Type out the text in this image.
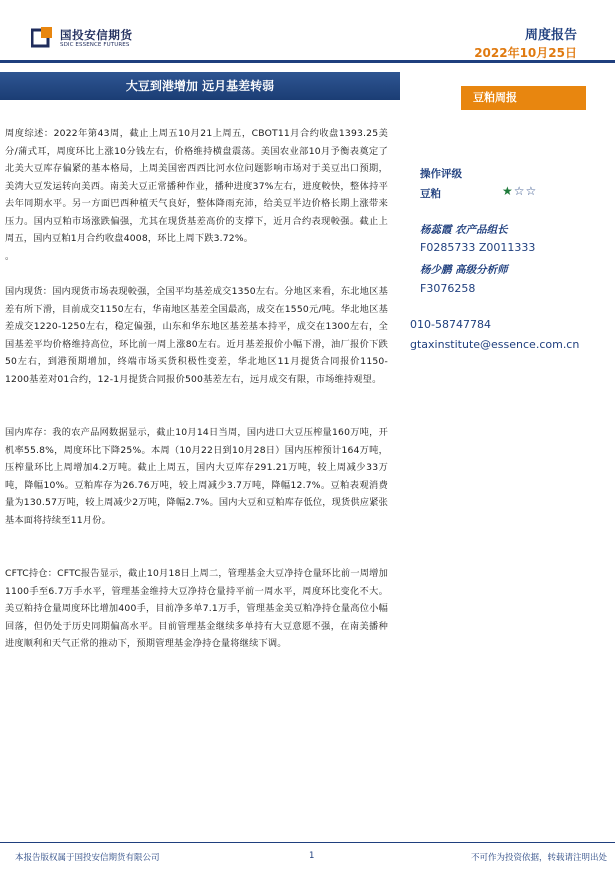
国投安信期货
SDIC ESSENCE FUTURES
周度报告
2022年10月25日
大豆到港增加 远月基差转弱
豆粕周报

周度综述：2022年第43周，截止上周五10月21上周五，CBOT11月合约收盘1393.25美分/蒲式耳，周度环比上涨10分钱左右，价格维持横盘震荡。美国农业部10月予衡表奠定了北美大豆库存偏紧的基本格局，上周美国密西西比河水位问题影响市场对于美豆出口预期，美湾大豆发运转向美西。南美大豆正常播种作业，播种进度37%左右，进度較快，整体持平去年同期水平。另一方面巴西种植天气良好，整体降雨充沛，给美豆半边价格长期上涨带来压力。国内豆粕市场涨跌偏强，尤其在现货基差高价的支撑下，近月合约表现較强。截止上周五，国内豆粕1月合约收盘4008，环比上周下跌3.72%。

。

国内现货：国内现货市场表现較强，全国平均基差成交1350左右。分地区来看，东北地区基差有所下滑，目前成交1150左右，华南地区基差全国最高，成交在1550元/吨。华北地区基差成交1220-1250左右，稳定偏强，山东和华东地区基差基本持平，成交在1300左右，全国基差平均价格维持高位，环比前一周上涨80左右。近月基差报价小幅下滑，油厂报价下跌50左右，到港预期增加，终端市场买货积极性变差，华北地区11月提货合同报价1150-1200基差对01合约，12-1月提货合同报价500基差左右，远月成交有限，市场维持观望。

国内库存：我的农产品网数据显示，截止10月14日当周，国内进口大豆压榨量160万吨，开机率55.8%，周度环比下降25%。本周（10月22日到10月28日）国内压榨预计164万吨，压榨量环比上周增加4.2万吨。截止上周五，国内大豆库存291.21万吨，较上周减少33万吨，降幅10%。豆粕库存为26.76万吨，较上周减少3.7万吨，降幅12.7%。豆粕表观消费量为130.57万吨，较上周减少2万吨，降幅2.7%。国内大豆和豆粕库存低位，现货供应紧张基本面将持续至11月份。

CFTC持仓：CFTC报告显示，截止10月18日上周二，管理基金大豆净持仓量环比前一周增加1100手至6.7万手水平，管理基金维持大豆净持仓量持平前一周水平，周度环比变化不大。美豆粕持仓量周度环比增加400手，目前净多单7.1万手，管理基金美豆粕净持仓量高位小幅回落，但仍处于历史同期偏高水平。目前管理基金继续多单持有大豆意愿不强，在南美播种进度顺利和天气正常的推动下，预期管理基金净持仓量将继续下调。

操作评级
豆粕	★☆☆
杨蕊霞 农产品组长
F0285733 Z0011333
杨少鹏 高级分析师
F3076258
010-58747784
gtaxinstitute@essence.com.cn
本报告版权属于国投安信期货有限公司	1	不可作为投资依据，转载请注明出处
